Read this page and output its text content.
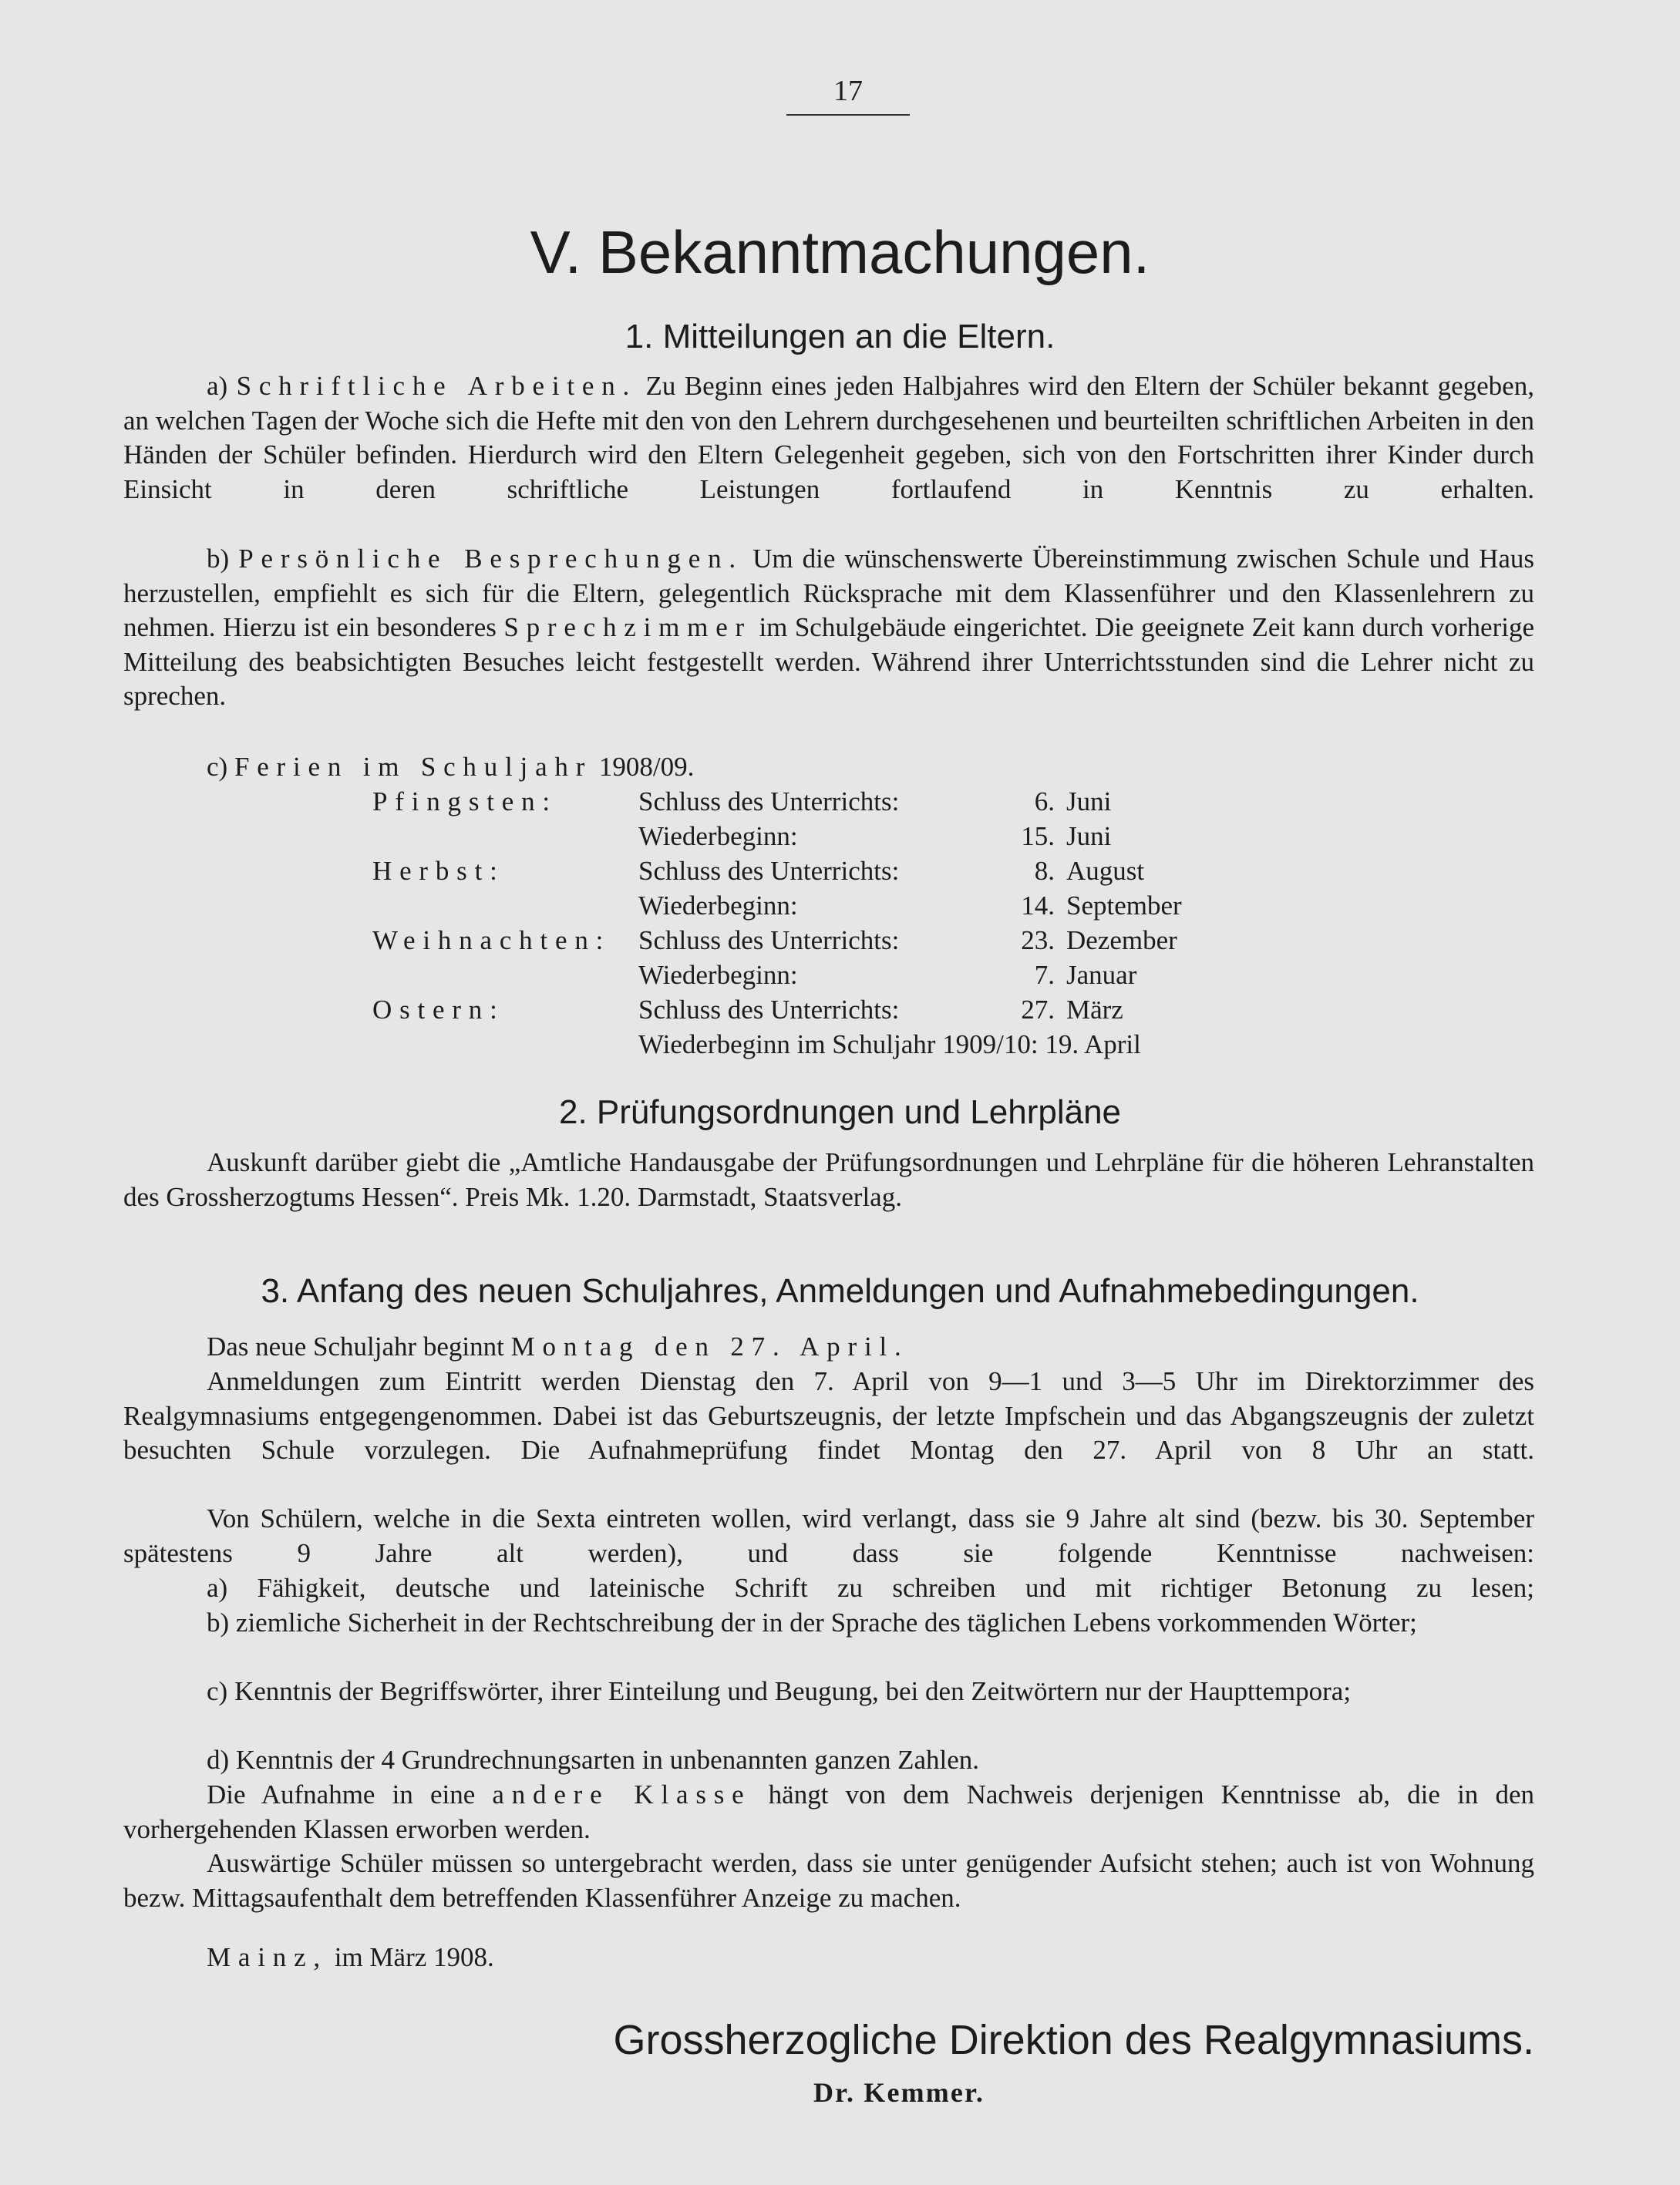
17
V. Bekanntmachungen.
1. Mitteilungen an die Eltern.
a) Schriftliche Arbeiten. Zu Beginn eines jeden Halbjahres wird den Eltern der Schüler bekannt gegeben, an welchen Tagen der Woche sich die Hefte mit den von den Lehrern durchgesehenen und beurteilten schriftlichen Arbeiten in den Händen der Schüler befinden. Hierdurch wird den Eltern Gelegenheit gegeben, sich von den Fortschritten ihrer Kinder durch Einsicht in deren schriftliche Leistungen fortlaufend in Kenntnis zu erhalten.
b) Persönliche Besprechungen. Um die wünschenswerte Übereinstimmung zwischen Schule und Haus herzustellen, empfiehlt es sich für die Eltern, gelegentlich Rücksprache mit dem Klassenführer und den Klassenlehrern zu nehmen. Hierzu ist ein besonderes Sprechzimmer im Schulgebäude eingerichtet. Die geeignete Zeit kann durch vorherige Mitteilung des beabsichtigten Besuches leicht festgestellt werden. Während ihrer Unterrichtsstunden sind die Lehrer nicht zu sprechen.
c) Ferien im Schuljahr 1908/09.
Pfingsten:	Schluss des Unterrichts:	6. Juni
Wiederbeginn:	15. Juni
Herbst:	Schluss des Unterrichts:	8. August
Wiederbeginn:	14. September
Weihnachten: Schluss des Unterrichts:	23. Dezember
Wiederbeginn:	7. Januar
Ostern:	Schluss des Unterrichts:	27. März
Wiederbeginn im Schuljahr 1909/10: 19. April
2. Prüfungsordnungen und Lehrpläne
Auskunft darüber giebt die „Amtliche Handausgabe der Prüfungsordnungen und Lehrpläne für die höheren Lehranstalten des Grossherzogtums Hessen“. Preis Mk. 1.20. Darmstadt, Staatsverlag.
3. Anfang des neuen Schuljahres, Anmeldungen und Aufnahmebedingungen.
Das neue Schuljahr beginnt Montag den 27. April.
Anmeldungen zum Eintritt werden Dienstag den 7. April von 9—1 und 3—5 Uhr im Direktorzimmer des Realgymnasiums entgegengenommen. Dabei ist das Geburtszeugnis, der letzte Impfschein und das Abgangszeugnis der zuletzt besuchten Schule vorzulegen. Die Aufnahmeprüfung findet Montag den 27. April von 8 Uhr an statt.
Von Schülern, welche in die Sexta eintreten wollen, wird verlangt, dass sie 9 Jahre alt sind (bezw. bis 30. September spätestens 9 Jahre alt werden), und dass sie folgende Kenntnisse nachweisen:
a) Fähigkeit, deutsche und lateinische Schrift zu schreiben und mit richtiger Betonung zu lesen;
b) ziemliche Sicherheit in der Rechtschreibung der in der Sprache des täglichen Lebens vorkommenden Wörter;
c) Kenntnis der Begriffswörter, ihrer Einteilung und Beugung, bei den Zeitwörtern nur der Haupttempora;
d) Kenntnis der 4 Grundrechnungsarten in unbenannten ganzen Zahlen.
Die Aufnahme in eine andere Klasse hängt von dem Nachweis derjenigen Kenntnisse ab, die in den vorhergehenden Klassen erworben werden.
Auswärtige Schüler müssen so untergebracht werden, dass sie unter genügender Aufsicht stehen; auch ist von Wohnung bezw. Mittagsaufenthalt dem betreffenden Klassenführer Anzeige zu machen.
Mainz, im März 1908.
Grossherzogliche Direktion des Realgymnasiums.
Dr. Kemmer.
